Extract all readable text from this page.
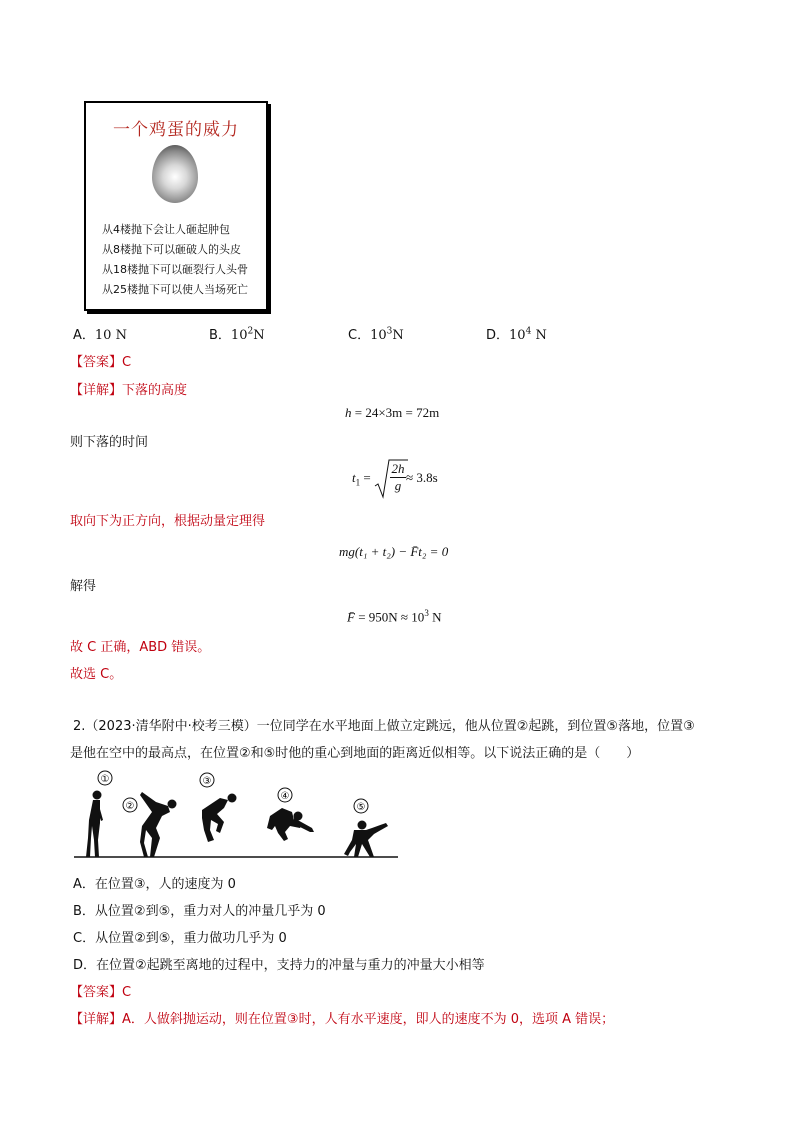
一个鸡蛋的威力
从4楼抛下会让人砸起肿包
从8楼抛下可以砸破人的头皮
从18楼抛下可以砸裂行人头骨
从25楼抛下可以使人当场死亡
A．10 N	B．$10^2N$	C．$10^3N$	D．$10^4$ N
【答案】C
【详解】下落的高度
h = 24×3m = 72m
则下落的时间
$t_1$ =
2h
g
≈ 3.8s
取向下为正方向，根据动量定理得
mg(t₁ + t₂) − F̄t₂ = 0
解得
F̄ = $950N \approx 10^3$ N
故 C 正确，ABD 错误。
故选 C。
2.（2023·清华附中·校考三模）一位同学在水平地面上做立定跳远，他从位置②起跳，到位置⑤落地，位置③
是他在空中的最高点，在位置②和⑤时他的重心到地面的距离近似相等。以下说法正确的是（　　）
①
②
③
④
⑤
A．在位置③，人的速度为 0
B．从位置②到⑤，重力对人的冲量几乎为 0
C．从位置②到⑤，重力做功几乎为 0
D．在位置②起跳至离地的过程中，支持力的冲量与重力的冲量大小相等
【答案】C
【详解】A．人做斜抛运动，则在位置③时，人有水平速度，即人的速度不为 0，选项 A 错误；
